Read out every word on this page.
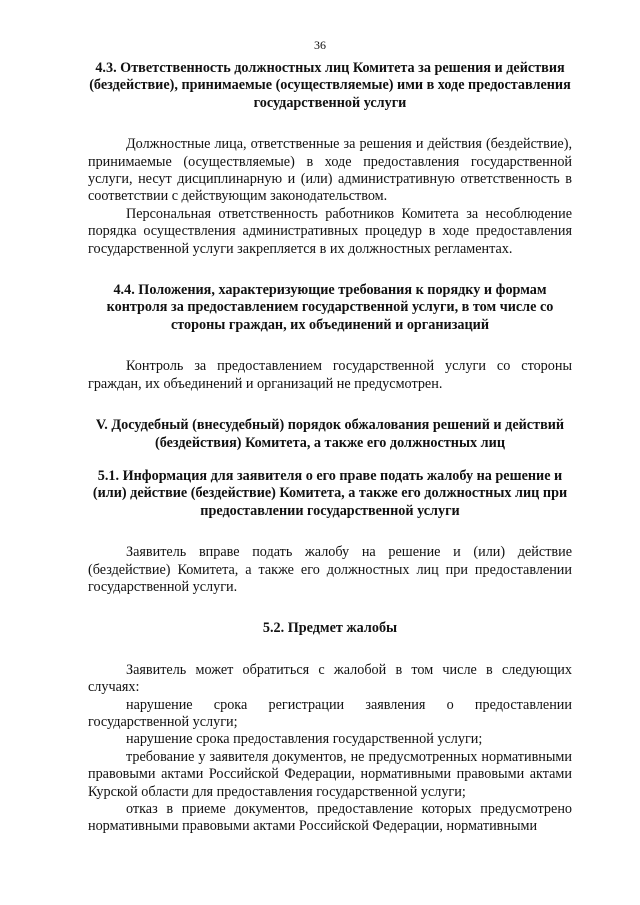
36

4.3. Ответственность должностных лиц Комитета за решения и действия (бездействие), принимаемые (осуществляемые) ими в ходе предоставления государственной услуги

Должностные лица, ответственные за решения и действия (бездействие), принимаемые (осуществляемые) в ходе предоставления государственной услуги, несут дисциплинарную и (или) административную ответственность в соответствии с действующим законодательством.

Персональная ответственность работников Комитета за несоблюдение порядка осуществления административных процедур в ходе предоставления государственной услуги закрепляется в их должностных регламентах.

4.4. Положения, характеризующие требования к порядку и формам контроля за предоставлением государственной услуги, в том числе со стороны граждан, их объединений и организаций

Контроль за предоставлением государственной услуги со стороны граждан, их объединений и организаций не предусмотрен.

V. Досудебный (внесудебный) порядок обжалования решений и действий (бездействия) Комитета, а также его должностных лиц

5.1. Информация для заявителя о его праве подать жалобу на решение и (или) действие (бездействие) Комитета, а также его должностных лиц при предоставлении государственной услуги

Заявитель вправе подать жалобу на решение и (или) действие (бездействие) Комитета, а также его должностных лиц при предоставлении государственной услуги.

5.2. Предмет жалобы

Заявитель может обратиться с жалобой в том числе в следующих случаях:

нарушение срока регистрации заявления о предоставлении государственной услуги;

нарушение срока предоставления государственной услуги;

требование у заявителя документов, не предусмотренных нормативными правовыми актами Российской Федерации, нормативными правовыми актами Курской области для предоставления государственной услуги;

отказ в приеме документов, предоставление которых предусмотрено нормативными правовыми актами Российской Федерации, нормативными
